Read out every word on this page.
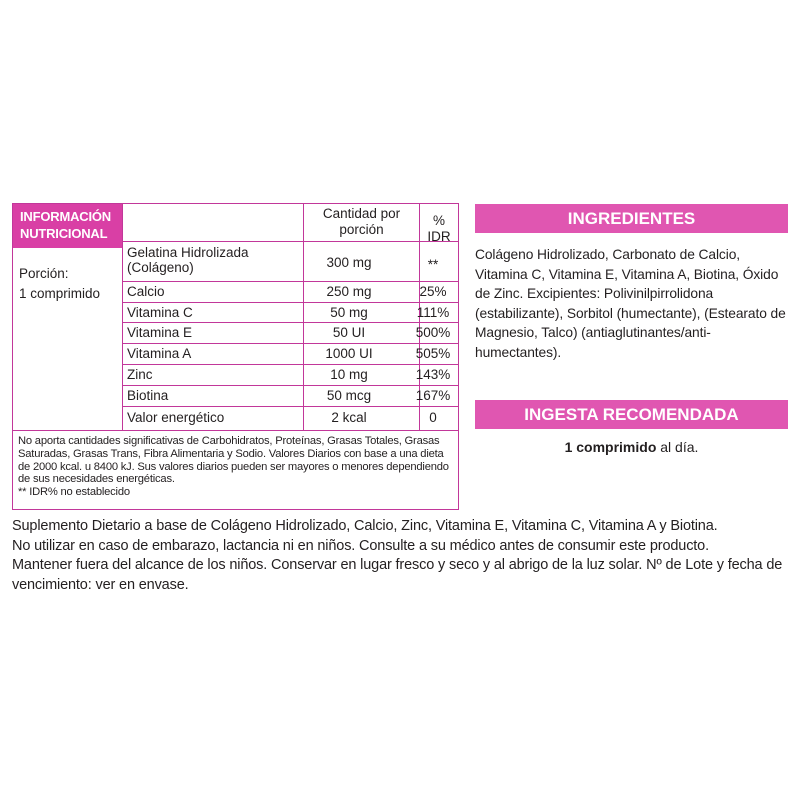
INFORMACIÓN NUTRICIONAL
Porción:
1 comprimido
Cantidad por porción
% IDR
Gelatina Hidrolizada (Colágeno)	300 mg	**
Calcio	250 mg	25%
Vitamina C	50 mg	111%
Vitamina E	50 UI	500%
Vitamina A	1000 UI	505%
Zinc	10 mg	143%
Biotina	50 mcg	167%
Valor energético	2 kcal	0
No aporta cantidades significativas de Carbohidratos, Proteínas, Grasas Totales, Grasas Saturadas, Grasas Trans, Fibra Alimentaria y Sodio. Valores Diarios con base a una dieta de 2000 kcal. u 8400 kJ. Sus valores diarios pueden ser mayores o menores dependiendo de sus necesidades energéticas.
** IDR% no establecido
INGREDIENTES
Colágeno Hidrolizado, Carbonato de Calcio, Vitamina C, Vitamina E, Vitamina A, Biotina, Óxido de Zinc. Excipientes: Polivinilpirrolidona (estabilizante), Sorbitol (humectante), (Estearato de Magnesio, Talco) (antiaglutinantes/anti-humectantes).
INGESTA RECOMENDADA
1 comprimido al día.

Suplemento Dietario a base de Colágeno Hidrolizado, Calcio, Zinc, Vitamina E, Vitamina C, Vitamina A y Biotina.

No utilizar en caso de embarazo, lactancia ni en niños. Consulte a su médico antes de consumir este producto.

Mantener fuera del alcance de los niños. Conservar en lugar fresco y seco y al abrigo de la luz solar. Nº de Lote y fecha de vencimiento: ver en envase.
